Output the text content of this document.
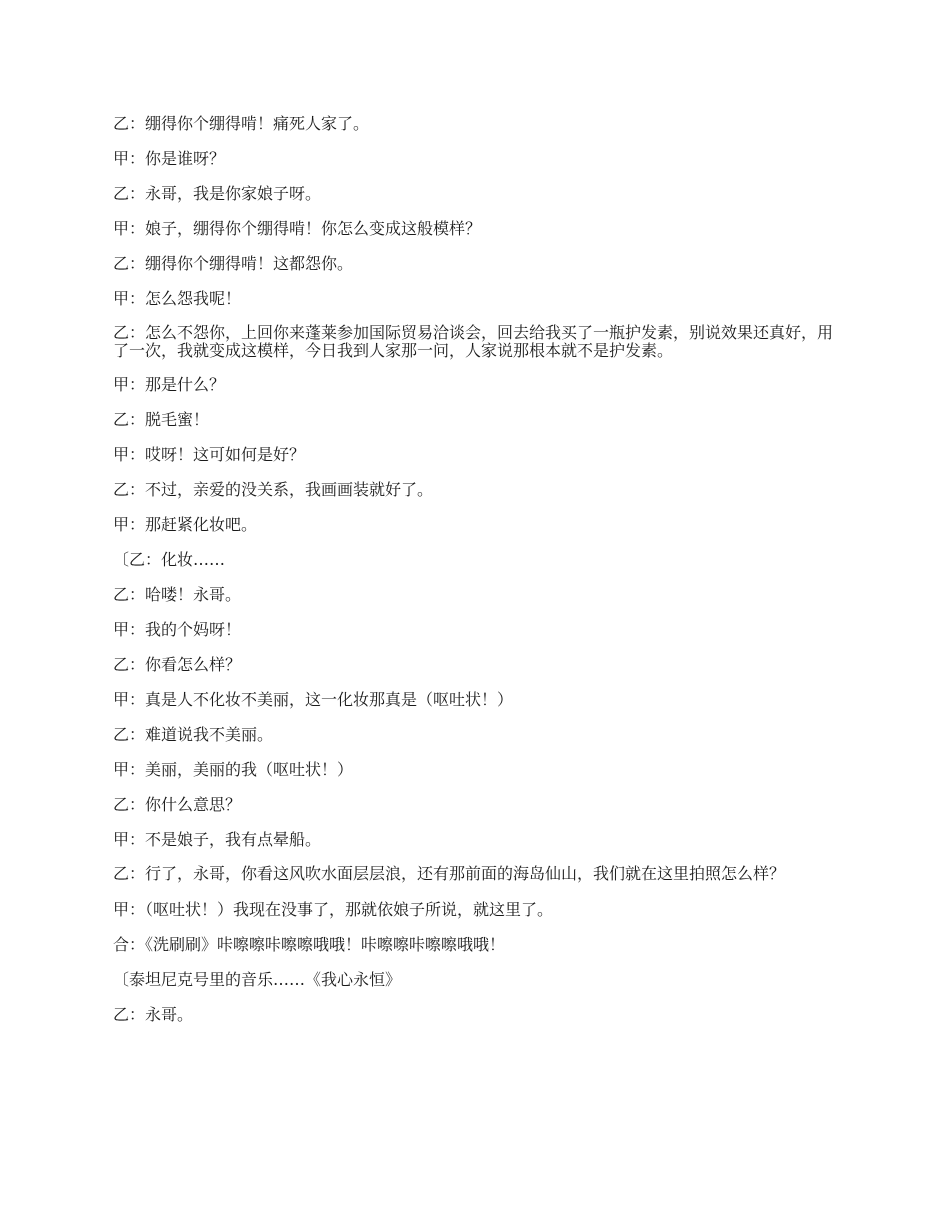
乙：绷得你个绷得啃！痛死人家了。

甲：你是谁呀？

乙：永哥，我是你家娘子呀。

甲：娘子，绷得你个绷得啃！你怎么变成这般模样？

乙：绷得你个绷得啃！这都怨你。

甲：怎么怨我呢！

乙：怎么不怨你，上回你来蓬莱参加国际贸易洽谈会，回去给我买了一瓶护发素，别说效果还真好，用了一次，我就变成这模样，今日我到人家那一问，人家说那根本就不是护发素。

甲：那是什么？

乙：脱毛蜜！

甲：哎呀！这可如何是好？

乙：不过，亲爱的没关系，我画画装就好了。

甲：那赶紧化妆吧。

〔乙：化妆……

乙：哈喽！永哥。

甲：我的个妈呀！

乙：你看怎么样？

甲：真是人不化妆不美丽，这一化妆那真是（呕吐状！）

乙：难道说我不美丽。

甲：美丽，美丽的我（呕吐状！）

乙：你什么意思？

甲：不是娘子，我有点晕船。

乙：行了，永哥，你看这风吹水面层层浪，还有那前面的海岛仙山，我们就在这里拍照怎么样？

甲：（呕吐状！）我现在没事了，那就依娘子所说，就这里了。

合：《洗刷刷》咔嚓嚓咔嚓嚓哦哦！咔嚓嚓咔嚓嚓哦哦！

〔泰坦尼克号里的音乐……《我心永恒》

乙：永哥。
